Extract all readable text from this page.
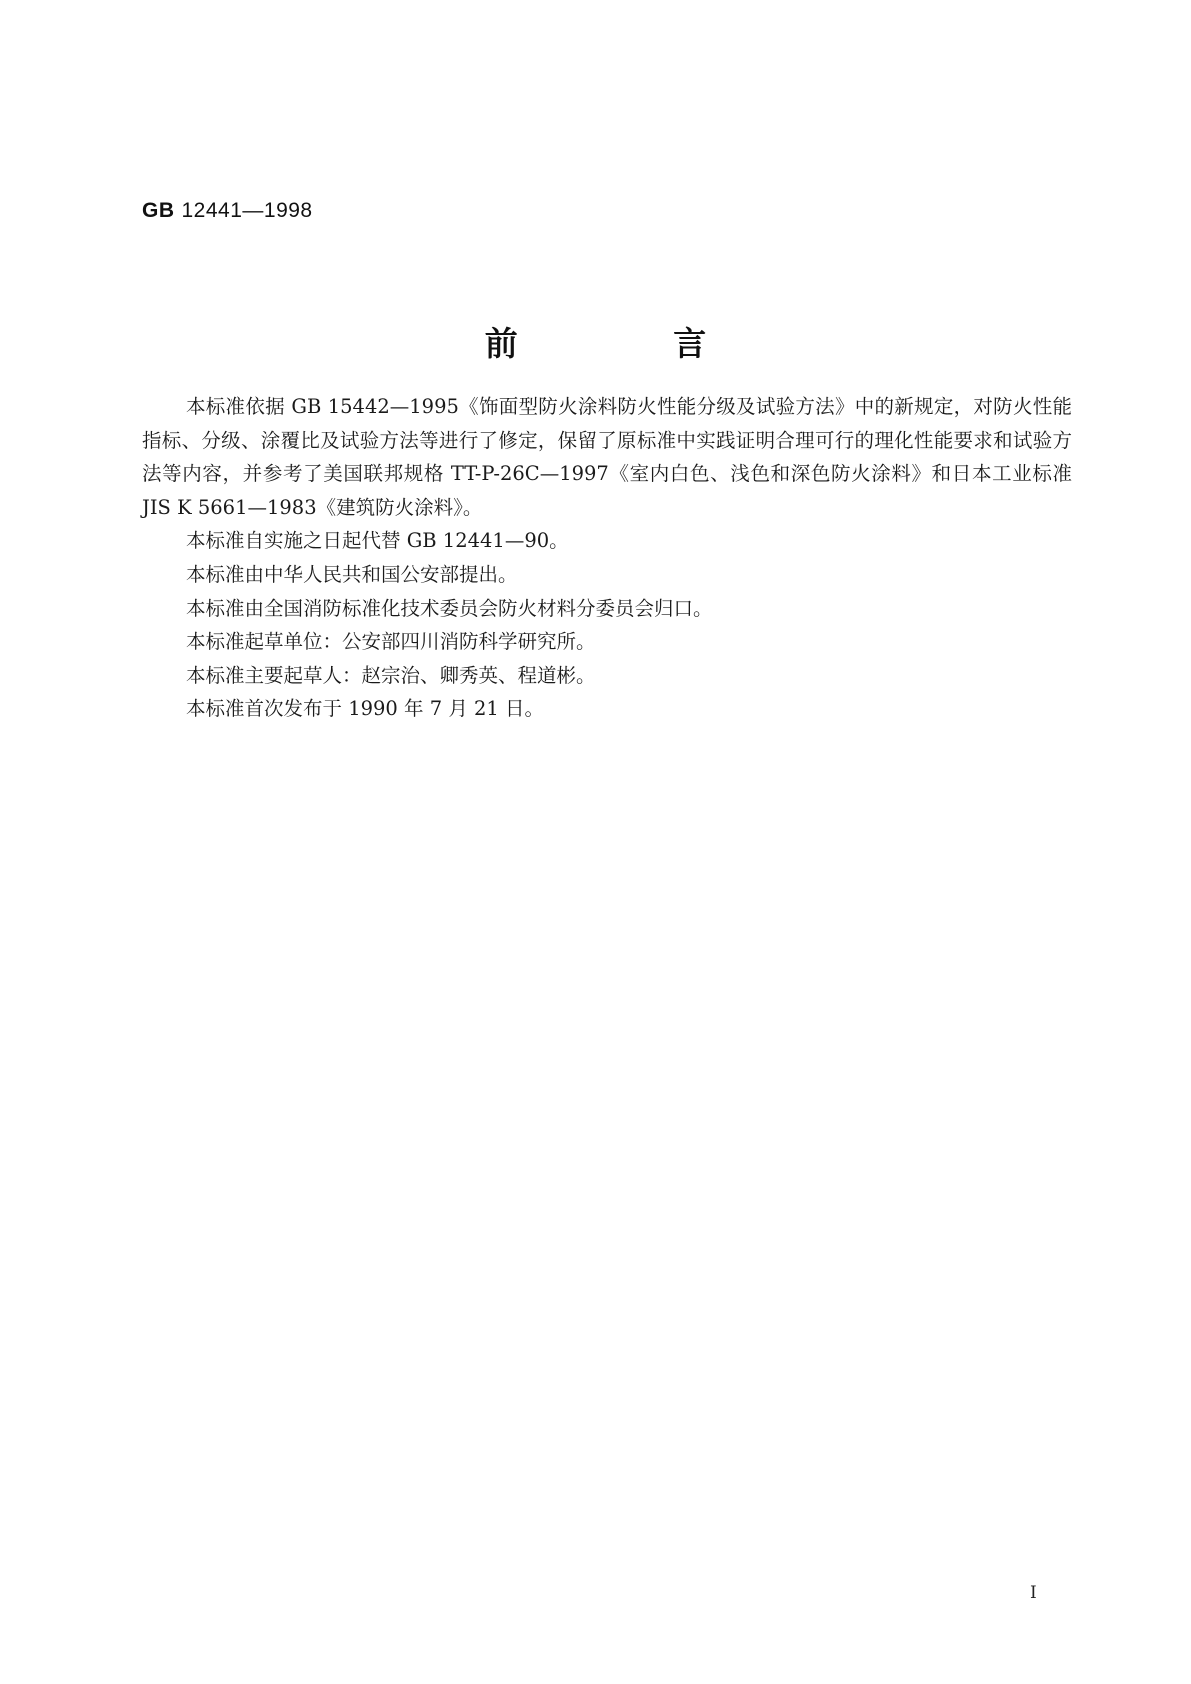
GB 12441—1998
前 言

本标准依据 GB 15442—1995《饰面型防火涂料防火性能分级及试验方法》中的新规定，对防火性能指标、分级、涂覆比及试验方法等进行了修定，保留了原标准中实践证明合理可行的理化性能要求和试验方法等内容，并参考了美国联邦规格 TT-P-26C—1997《室内白色、浅色和深色防火涂料》和日本工业标准 JIS K 5661—1983《建筑防火涂料》。

本标准自实施之日起代替 GB 12441—90。

本标准由中华人民共和国公安部提出。

本标准由全国消防标准化技术委员会防火材料分委员会归口。

本标准起草单位：公安部四川消防科学研究所。

本标准主要起草人：赵宗治、卿秀英、程道彬。

本标准首次发布于 1990 年 7 月 21 日。

I
